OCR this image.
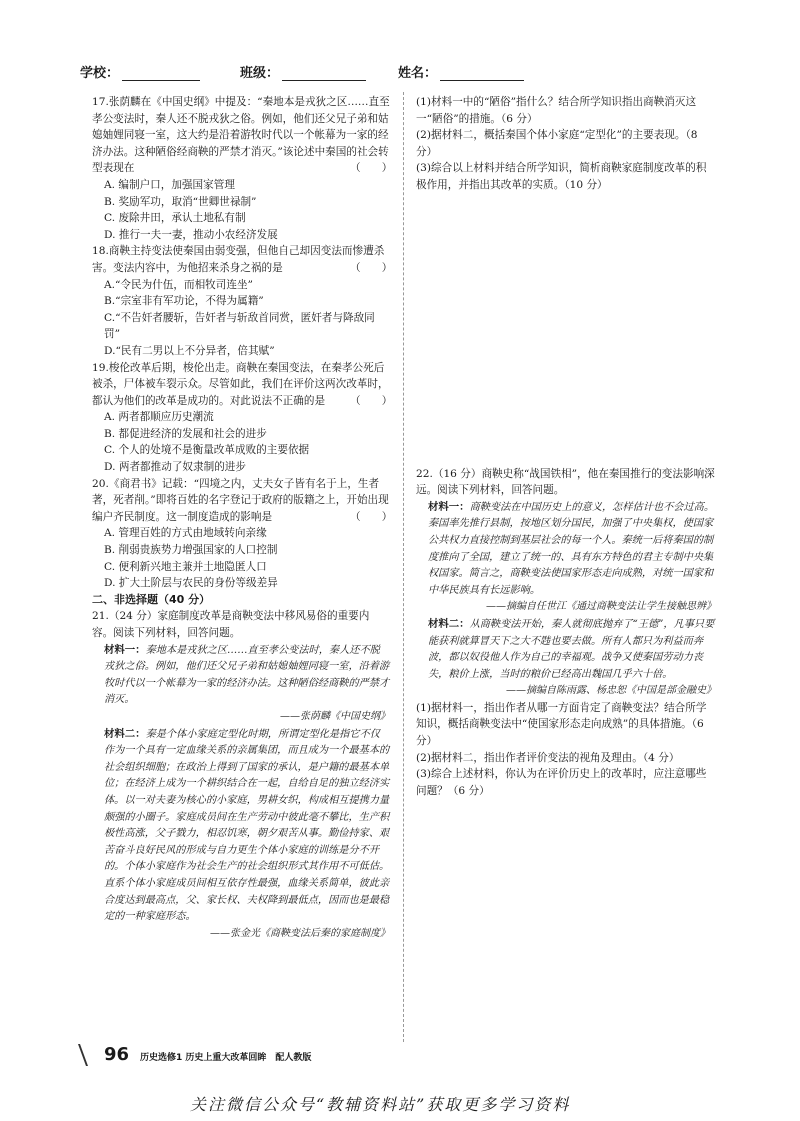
学校：	班级：	姓名：
17.张荫麟在《中国史纲》中提及：“秦地本是戎狄之区……直至孝公变法时，秦人还不脱戎狄之俗。例如，他们还父兄子弟和姑媳妯娌同寝一室，这大约是沿着游牧时代以一个帐幕为一家的经济办法。这种陋俗经商鞅的严禁才消灭。”该论述中秦国的社会转型表现在	（　　）
A. 编制户口，加强国家管理
B. 奖励军功，取消“世卿世禄制”
C. 废除井田，承认土地私有制
D. 推行一夫一妻，推动小农经济发展
18.商鞅主持变法使秦国由弱变强，但他自己却因变法而惨遭杀害。变法内容中，为他招来杀身之祸的是	（　　）
A.“令民为什伍，而相牧司连坐”
B.“宗室非有军功论，不得为属籍”
C.“不告奸者腰斩，告奸者与斩敌首同赏，匿奸者与降敌同罚”
D.“民有二男以上不分异者，倍其赋”
19.梭伦改革后期，梭伦出走。商鞅在秦国变法，在秦孝公死后被杀，尸体被车裂示众。尽管如此，我们在评价这两次改革时，都认为他们的改革是成功的。对此说法不正确的是 （　　）
A. 两者都顺应历史潮流
B. 都促进经济的发展和社会的进步
C. 个人的处境不是衡量改革成败的主要依据
D. 两者都推动了奴隶制的进步
20.《商君书》记载：“四境之内，丈夫女子皆有名于上，生者著，死者削。”即将百姓的名字登记于政府的版籍之上，开始出现编户齐民制度。这一制度造成的影响是	（　　）
A. 管理百姓的方式由地域转向亲缘
B. 削弱贵族势力增强国家的人口控制
C. 便利新兴地主兼并土地隐匿人口
D. 扩大土阶层与农民的身份等级差异
二、非选择题（40 分）
21.（24 分）家庭制度改革是商鞅变法中移风易俗的重要内容。阅读下列材料，回答问题。
材料一：秦地本是戎狄之区……直至孝公变法时，秦人还不脱戎狄之俗。例如，他们还父兄子弟和姑媳妯娌同寝一室，沿着游牧时代以一个帐幕为一家的经济办法。这种陋俗经商鞅的严禁才消灭。
——张荫麟《中国史纲》
材料二：秦是个体小家庭定型化时期，所谓定型化是指它不仅作为一个具有一定血缘关系的亲属集团，而且成为一个最基本的社会组织细胞；在政治上得到了国家的承认，是户籍的最基本单位；在经济上成为一个耕织结合在一起，自给自足的独立经济实体。以一对夫妻为核心的小家庭，男耕女织，构成相互提携力量颇强的小圈子。家庭成员间在生产劳动中彼此毫不攀比，生产积极性高涨，父子戮力，相忍饥寒，朝夕艰苦从事。勤俭持家、艰苦奋斗良好民风的形成与自力更生个体小家庭的训练是分不开的。个体小家庭作为社会生产的社会组织形式其作用不可低估。直系个体小家庭成员间相互依存性最强，血缘关系简单，彼此亲合度达到最高点，父、家长权、夫权降到最低点，因而也是最稳定的一种家庭形态。
——张金光《商鞅变法后秦的家庭制度》
(1)材料一中的“陋俗”指什么？结合所学知识指出商鞅消灭这一“陋俗”的措施。（6 分）
(2)据材料二，概括秦国个体小家庭“定型化”的主要表现。（8 分）
(3)综合以上材料并结合所学知识，简析商鞅家庭制度改革的积极作用，并指出其改革的实质。（10 分）
22.（16 分）商鞅史称“战国铁相”，他在秦国推行的变法影响深远。阅读下列材料，回答问题。
材料一：商鞅变法在中国历史上的意义，怎样估计也不会过高。秦国率先推行县制，按地区划分国民，加强了中央集权，使国家公共权力直接控制到基层社会的每一个人。秦统一后将秦国的制度推向了全国，建立了统一的、具有东方特色的君主专制中央集权国家。简言之，商鞅变法使国家形态走向成熟，对统一国家和中华民族具有长远影响。
——摘编自任世江《通过商鞅变法让学生接触思辨》
材料二：从商鞅变法开始，秦人就彻底抛弃了“王德”，凡事只要能获利就算冒天下之大不韪也要去做。所有人都只为利益而奔波，都以奴役他人作为自己的幸福观。战争又使秦国劳动力丧失，粮价上涨，当时的粮价已经高出魏国几乎六十倍。
——摘编自陈雨露、杨忠恕《中国是部金融史》
(1)据材料一，指出作者从哪一方面肯定了商鞅变法？结合所学知识，概括商鞅变法中“使国家形态走向成熟”的具体措施。（6 分）
(2)据材料二，指出作者评价变法的视角及理由。（4 分）
(3)综合上述材料，你认为在评价历史上的改革时，应注意哪些问题？（6 分）
96 历史选修1 历史上重大改革回眸　配人教版
关注微信公众号“教辅资料站”获取更多学习资料
